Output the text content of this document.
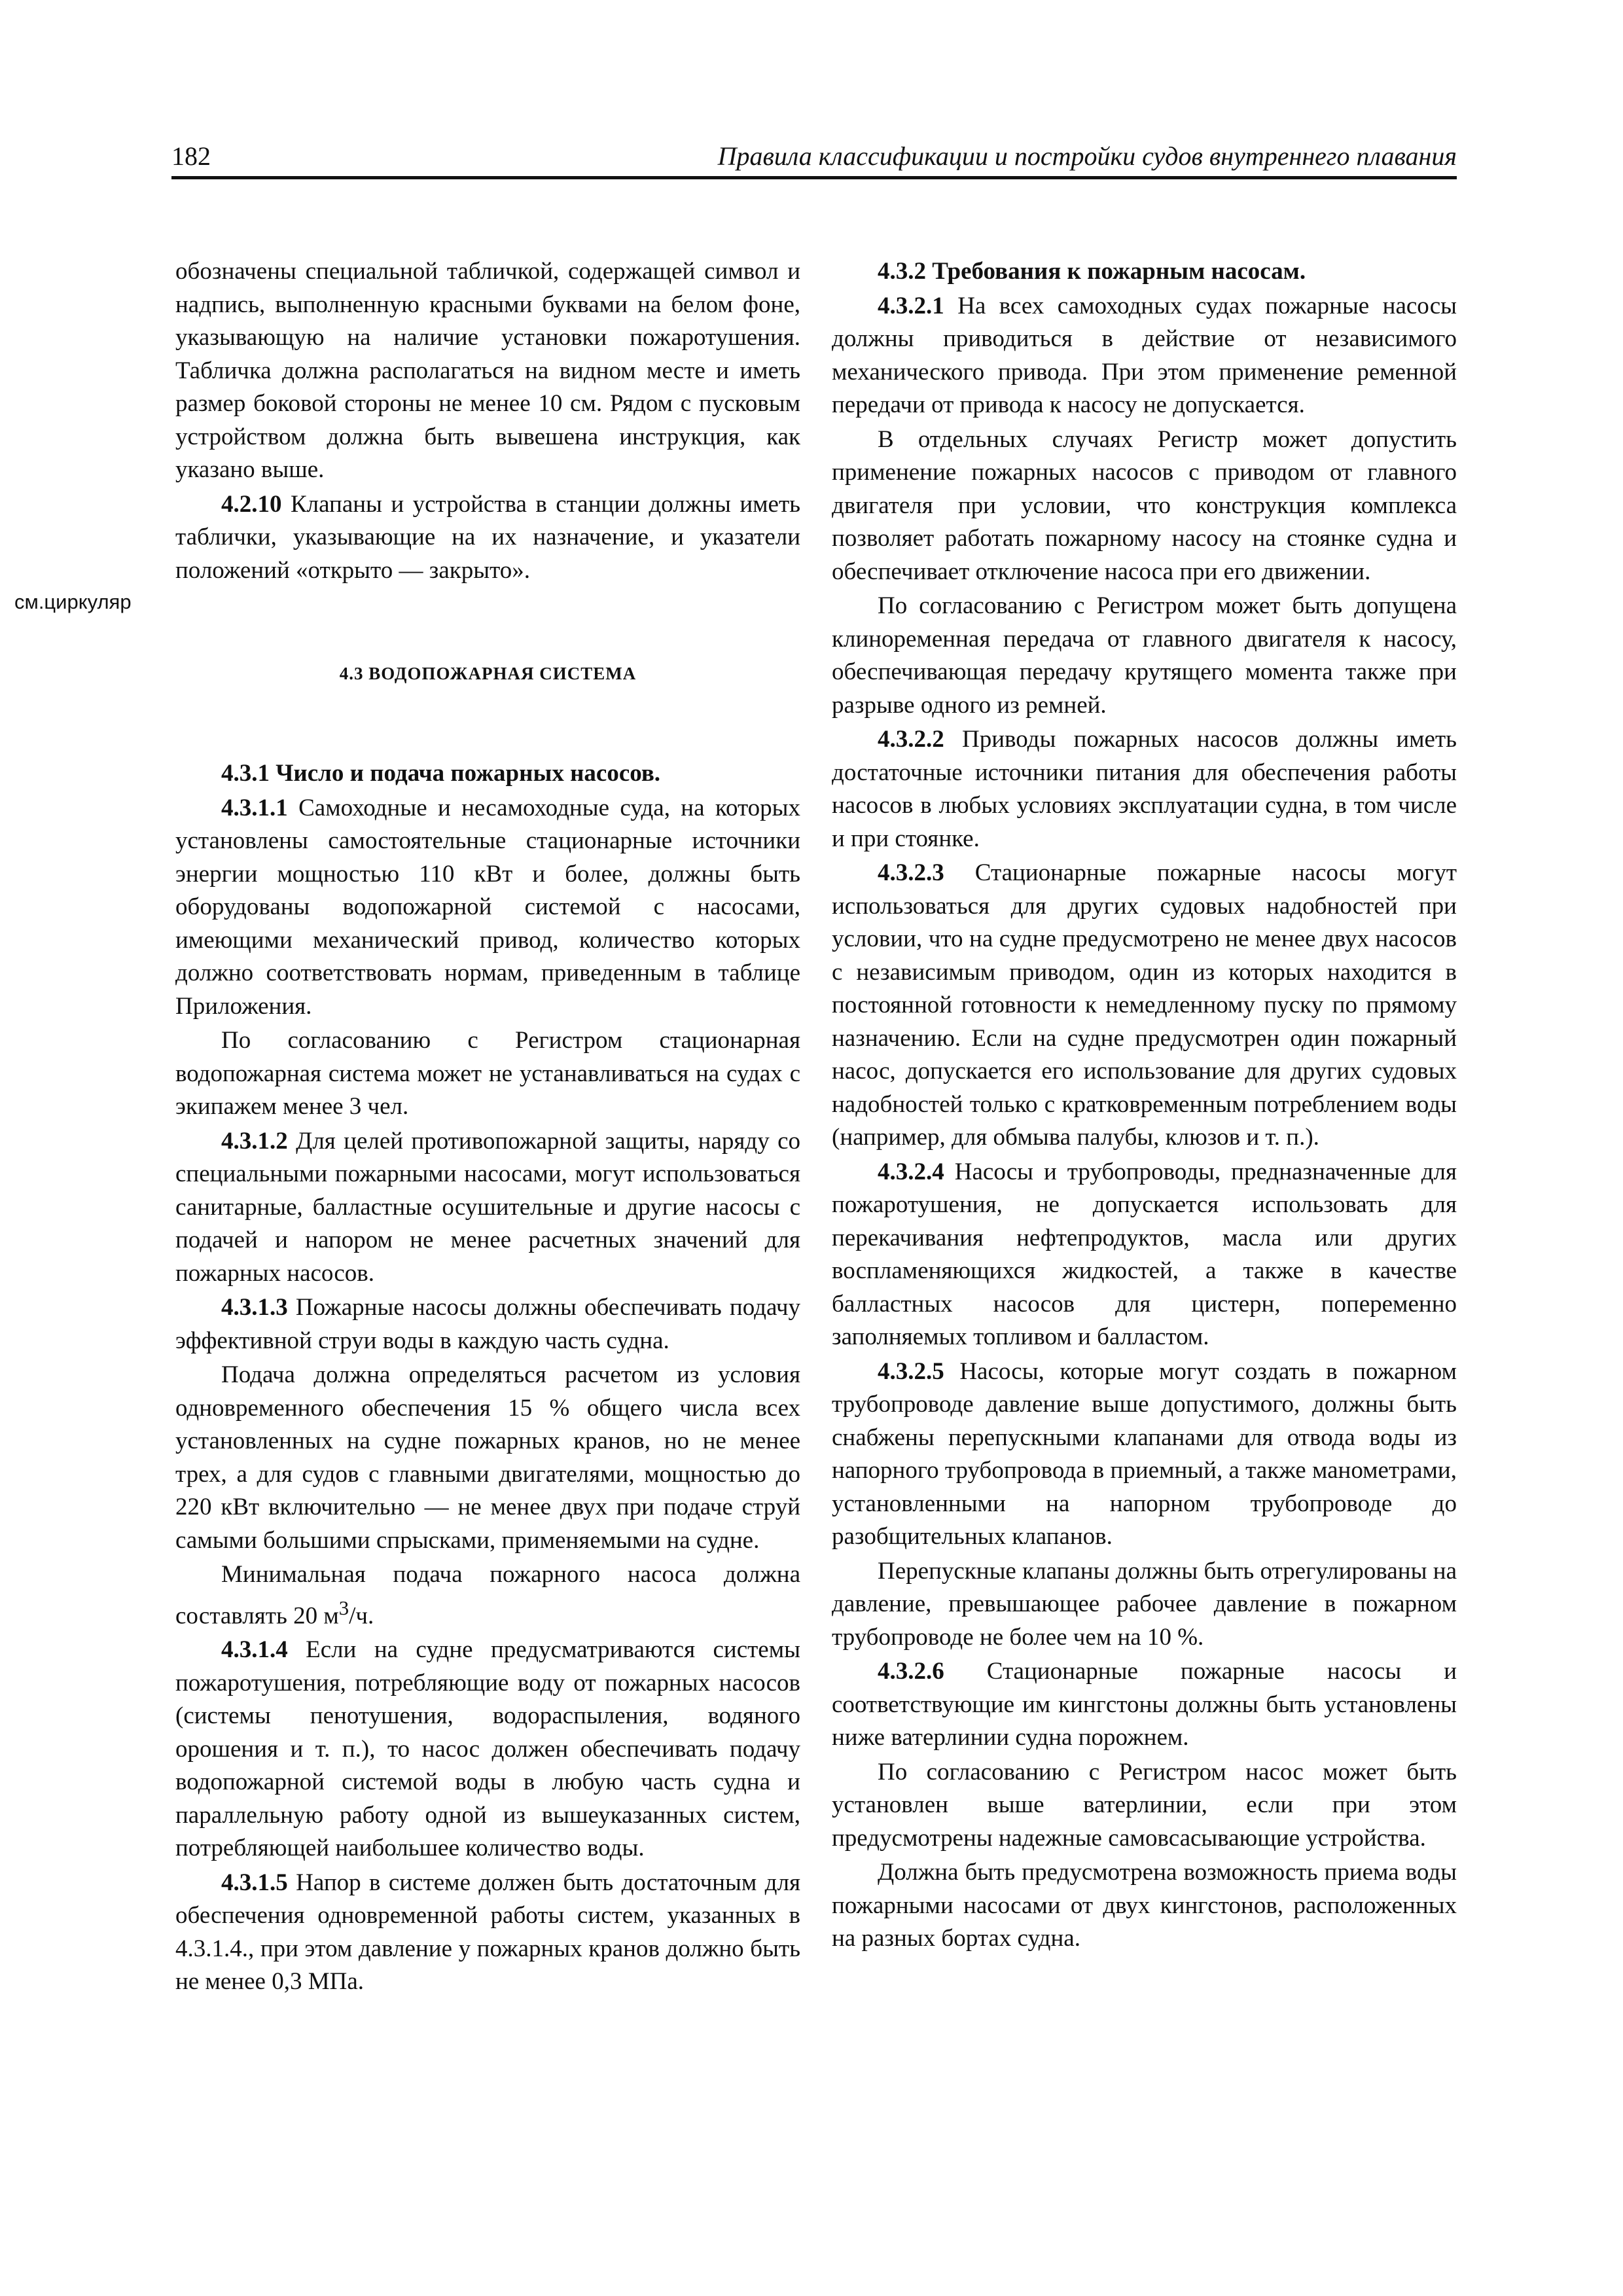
182	Правила классификации и постройки судов внутреннего плавания
см.циркуляр

обозначены специальной табличкой, содержащей символ и надпись, выполненную красными буквами на белом фоне, указывающую на наличие установки пожаротушения. Табличка должна располагаться на видном месте и иметь размер боковой стороны не менее 10 см. Рядом с пусковым устройством должна быть вывешена инструкция, как указано выше.

4.2.10 Клапаны и устройства в станции должны иметь таблички, указывающие на их назначение, и указатели положений «открыто — закрыто».

4.3 ВОДОПОЖАРНАЯ СИСТЕМА

4.3.1 Число и подача пожарных насосов.

4.3.1.1 Самоходные и несамоходные суда, на которых установлены самостоятельные стационарные источники энергии мощностью 110 кВт и более, должны быть оборудованы водопожарной системой с насосами, имеющими механический привод, количество которых должно соответствовать нормам, приведенным в таблице Приложения.

По согласованию с Регистром стационарная водопожарная система может не устанавливаться на судах с экипажем менее 3 чел.

4.3.1.2 Для целей противопожарной защиты, наряду со специальными пожарными насосами, могут использоваться санитарные, балластные осушительные и другие насосы с подачей и напором не менее расчетных значений для пожарных насосов.

4.3.1.3 Пожарные насосы должны обеспечивать подачу эффективной струи воды в каждую часть судна.

Подача должна определяться расчетом из условия одновременного обеспечения 15 % общего числа всех установленных на судне пожарных кранов, но не менее трех, а для судов с главными двигателями, мощностью до 220 кВт включительно — не менее двух при подаче струй самыми большими спрысками, применяемыми на судне.

Минимальная подача пожарного насоса должна составлять 20 $м^3/ч$.

4.3.1.4 Если на судне предусматриваются системы пожаротушения, потребляющие воду от пожарных насосов (системы пенотушения, водораспыления, водяного орошения и т. п.), то насос должен обеспечивать подачу водопожарной системой воды в любую часть судна и параллельную работу одной из вышеуказанных систем, потребляющей наибольшее количество воды.

4.3.1.5 Напор в системе должен быть достаточным для обеспечения одновременной работы систем, указанных в 4.3.1.4., при этом давление у пожарных кранов должно быть не менее 0,3 МПа.

4.3.2 Требования к пожарным насосам.

4.3.2.1 На всех самоходных судах пожарные насосы должны приводиться в действие от независимого механического привода. При этом применение ременной передачи от привода к насосу не допускается.

В отдельных случаях Регистр может допустить применение пожарных насосов с приводом от главного двигателя при условии, что конструкция комплекса позволяет работать пожарному насосу на стоянке судна и обеспечивает отключение насоса при его движении.

По согласованию с Регистром может быть допущена клиноременная передача от главного двигателя к насосу, обеспечивающая передачу крутящего момента также при разрыве одного из ремней.

4.3.2.2 Приводы пожарных насосов должны иметь достаточные источники питания для обеспечения работы насосов в любых условиях эксплуатации судна, в том числе и при стоянке.

4.3.2.3 Стационарные пожарные насосы могут использоваться для других судовых надобностей при условии, что на судне предусмотрено не менее двух насосов с независимым приводом, один из которых находится в постоянной готовности к немедленному пуску по прямому назначению. Если на судне предусмотрен один пожарный насос, допускается его использование для других судовых надобностей только с кратковременным потреблением воды (например, для обмыва палубы, клюзов и т. п.).

4.3.2.4 Насосы и трубопроводы, предназначенные для пожаротушения, не допускается использовать для перекачивания нефтепродуктов, масла или других воспламеняющихся жидкостей, а также в качестве балластных насосов для цистерн, попеременно заполняемых топливом и балластом.

4.3.2.5 Насосы, которые могут создать в пожарном трубопроводе давление выше допустимого, должны быть снабжены перепускными клапанами для отвода воды из напорного трубопровода в приемный, а также манометрами, установленными на напорном трубопроводе до разобщительных клапанов.

Перепускные клапаны должны быть отрегулированы на давление, превышающее рабочее давление в пожарном трубопроводе не более чем на 10 %.

4.3.2.6 Стационарные пожарные насосы и соответствующие им кингстоны должны быть установлены ниже ватерлинии судна порожнем.

По согласованию с Регистром насос может быть установлен выше ватерлинии, если при этом предусмотрены надежные самовсасывающие устройства.

Должна быть предусмотрена возможность приема воды пожарными насосами от двух кингстонов, расположенных на разных бортах судна.
